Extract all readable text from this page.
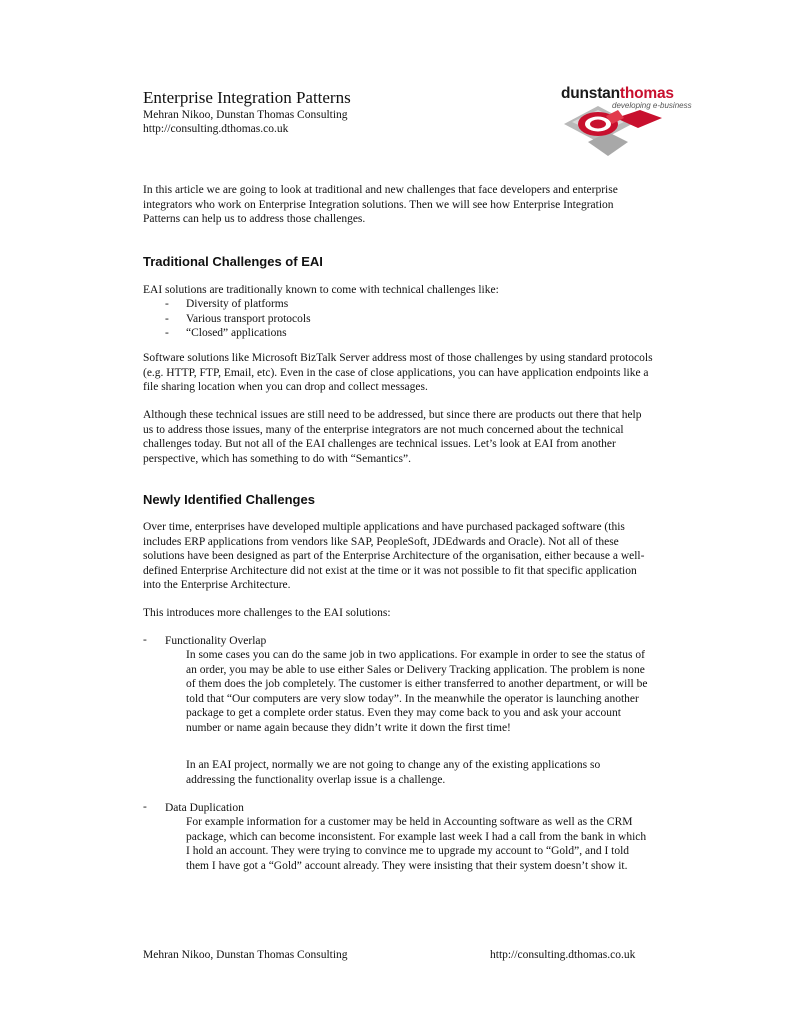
Enterprise Integration Patterns
Mehran Nikoo, Dunstan Thomas Consulting
http://consulting.dthomas.co.uk
dunstanthomas
developing e-business
In this article we are going to look at traditional and new challenges that face developers and enterprise integrators who work on Enterprise Integration solutions. Then we will see how Enterprise Integration Patterns can help us to address those challenges.
Traditional Challenges of EAI
EAI solutions are traditionally known to come with technical challenges like:
- Diversity of platforms
- Various transport protocols
- “Closed” applications
Software solutions like Microsoft BizTalk Server address most of those challenges by using standard protocols (e.g. HTTP, FTP, Email, etc). Even in the case of close applications, you can have application endpoints like a file sharing location when you can drop and collect messages.
Although these technical issues are still need to be addressed, but since there are products out there that help us to address those issues, many of the enterprise integrators are not much concerned about the technical challenges today. But not all of the EAI challenges are technical issues. Let’s look at EAI from another perspective, which has something to do with “Semantics”.
Newly Identified Challenges
Over time, enterprises have developed multiple applications and have purchased packaged software (this includes ERP applications from vendors like SAP, PeopleSoft, JDEdwards and Oracle). Not all of these solutions have been designed as part of the Enterprise Architecture of the organisation, either because a well-defined Enterprise Architecture did not exist at the time or it was not possible to fit that specific application into the Enterprise Architecture.
This introduces more challenges to the EAI solutions:
- Functionality Overlap
In some cases you can do the same job in two applications. For example in order to see the status of an order, you may be able to use either Sales or Delivery Tracking application. The problem is none of them does the job completely. The customer is either transferred to another department, or will be told that “Our computers are very slow today”. In the meanwhile the operator is launching another package to get a complete order status. Even they may come back to you and ask your account number or name again because they didn’t write it down the first time!
In an EAI project, normally we are not going to change any of the existing applications so addressing the functionality overlap issue is a challenge.
- Data Duplication
For example information for a customer may be held in Accounting software as well as the CRM package, which can become inconsistent. For example last week I had a call from the bank in which I hold an account. They were trying to convince me to upgrade my account to “Gold”, and I told them I have got a “Gold” account already. They were insisting that their system doesn’t show it.
Mehran Nikoo, Dunstan Thomas Consulting	http://consulting.dthomas.co.uk
